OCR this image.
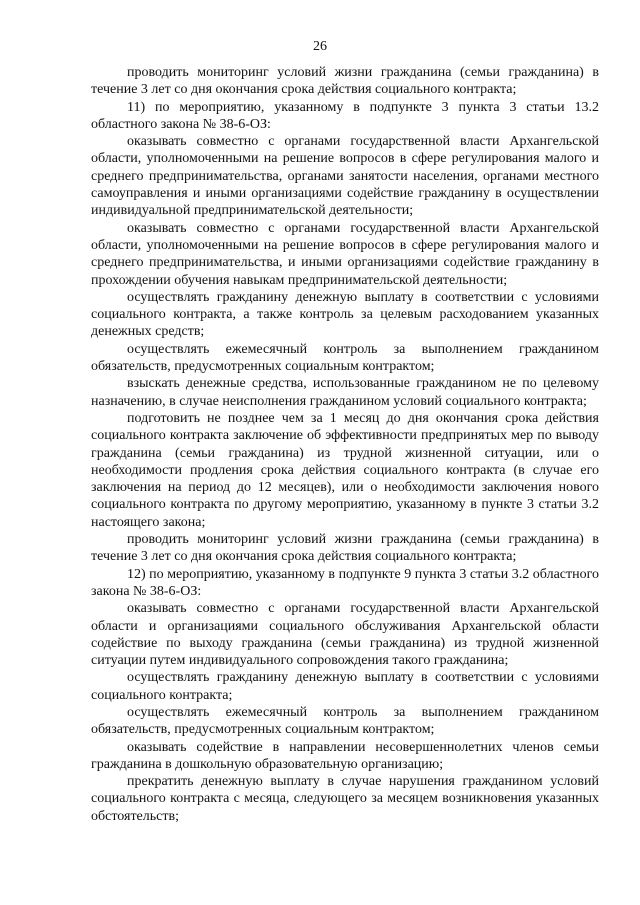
26

проводить мониторинг условий жизни гражданина (семьи гражданина) в течение 3 лет со дня окончания срока действия социального контракта;

11) по мероприятию, указанному в подпункте 3 пункта 3 статьи 13.2 областного закона № 38-6-ОЗ:

оказывать совместно с органами государственной власти Архангельской области, уполномоченными на решение вопросов в сфере регулирования малого и среднего предпринимательства, органами занятости населения, органами местного самоуправления и иными организациями содействие гражданину в осуществлении индивидуальной предпринимательской деятельности;

оказывать совместно с органами государственной власти Архангельской области, уполномоченными на решение вопросов в сфере регулирования малого и среднего предпринимательства, и иными организациями содействие гражданину в прохождении обучения навыкам предпринимательской деятельности;

осуществлять гражданину денежную выплату в соответствии с условиями социального контракта, а также контроль за целевым расходованием указанных денежных средств;

осуществлять ежемесячный контроль за выполнением гражданином обязательств, предусмотренных социальным контрактом;

взыскать денежные средства, использованные гражданином не по целевому назначению, в случае неисполнения гражданином условий социального контракта;

подготовить не позднее чем за 1 месяц до дня окончания срока действия социального контракта заключение об эффективности предпринятых мер по выводу гражданина (семьи гражданина) из трудной жизненной ситуации, или о необходимости продления срока действия социального контракта (в случае его заключения на период до 12 месяцев), или о необходимости заключения нового социального контракта по другому мероприятию, указанному в пункте 3 статьи 3.2 настоящего закона;

проводить мониторинг условий жизни гражданина (семьи гражданина) в течение 3 лет со дня окончания срока действия социального контракта;

12) по мероприятию, указанному в подпункте 9 пункта 3 статьи 3.2 областного закона № 38-6-ОЗ:

оказывать совместно с органами государственной власти Архангельской области и организациями социального обслуживания Архангельской области содействие по выходу гражданина (семьи гражданина) из трудной жизненной ситуации путем индивидуального сопровождения такого гражданина;

осуществлять гражданину денежную выплату в соответствии с условиями социального контракта;

осуществлять ежемесячный контроль за выполнением гражданином обязательств, предусмотренных социальным контрактом;

оказывать содействие в направлении несовершеннолетних членов семьи гражданина в дошкольную образовательную организацию;

прекратить денежную выплату в случае нарушения гражданином условий социального контракта с месяца, следующего за месяцем возникновения указанных обстоятельств;
